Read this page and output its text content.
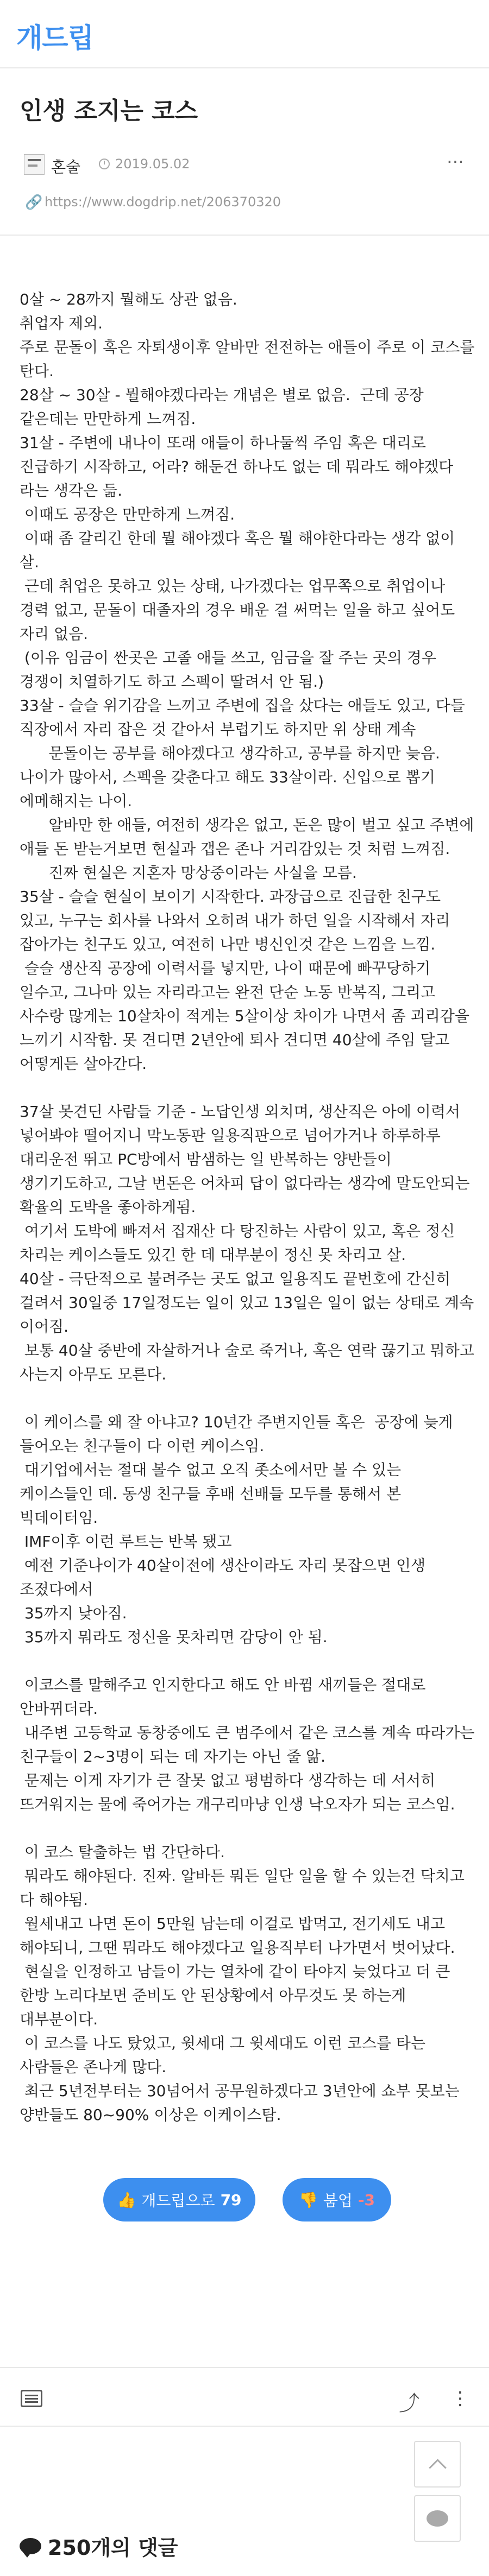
개드립
인생 조지는 코스
혼술	2019.05.02	⋯
🔗 https://www.dogdrip.net/206370320

0살 ~ 28까지 뭘해도 상관 없음.
취업자 제외.
주로 문돌이 혹은 자퇴생이후 알바만 전전하는 애들이 주로 이 코스를 탄다.

28살 ~ 30살 - 뭘해야겠다라는 개념은 별로 없음.  근데 공장 같은데는 만만하게 느껴짐.

31살 - 주변에 내나이 또래 애들이 하나둘씩 주임 혹은 대리로 진급하기 시작하고, 어라? 해둔건 하나도 없는 데 뭐라도 해야겠다 라는 생각은 듦.

이때도 공장은 만만하게 느껴짐.

이때 좀 갈리긴 한데 뭘 해야겠다 혹은 뭘 해야한다라는 생각 없이 살.

근데 취업은 못하고 있는 상태, 나가겠다는 업무쪽으로 취업이나 경력 없고, 문돌이 대졸자의 경우 배운 걸 써먹는 일을 하고 싶어도 자리 없음.

(이유 임금이 싼곳은 고졸 애들 쓰고, 임금을 잘 주는 곳의 경우 경쟁이 치열하기도 하고 스펙이 딸려서 안 됨.)

33살 - 슬슬 위기감을 느끼고 주변에 집을 샀다는 애들도 있고, 다들 직장에서 자리 잡은 것 같아서 부럽기도 하지만 위 상태 계속

문돌이는 공부를 해야겠다고 생각하고, 공부를 하지만 늦음. 나이가 많아서, 스펙을 갖춘다고 해도 33살이라. 신입으로 뽑기 에메해지는 나이.

알바만 한 애들, 여전히 생각은 없고, 돈은 많이 벌고 싶고 주변에 애들 돈 받는거보면 현실과 갭은 존나 거리감있는 것 처럼 느껴짐.

진짜 현실은 지혼자 망상중이라는 사실을 모름.

35살 - 슬슬 현실이 보이기 시작한다. 과장급으로 진급한 친구도 있고, 누구는 회사를 나와서 오히려 내가 하던 일을 시작해서 자리 잡아가는 친구도 있고, 여전히 나만 병신인것 같은 느낌을 느낌.

슬슬 생산직 공장에 이력서를 넣지만, 나이 때문에 빠꾸당하기 일수고, 그나마 있는 자리라고는 완전 단순 노동 반복직, 그리고 사수랑 많게는 10살차이 적게는 5살이상 차이가 나면서 좀 괴리감을 느끼기 시작함. 못 견디면 2년안에 퇴사 견디면 40살에 주임 달고 어떻게든 살아간다.

37살 못견딘 사람들 기준 - 노답인생 외치며, 생산직은 아에 이력서 넣어봐야 떨어지니 막노동판 일용직판으로 넘어가거나 하루하루 대리운전 뛰고 PC방에서 밤샘하는 일 반복하는 양반들이 생기기도하고, 그날 번돈은 어차피 답이 없다라는 생각에 말도안되는 확율의 도박을 좋아하게됨.

여기서 도박에 빠져서 집재산 다 탕진하는 사람이 있고, 혹은 정신 차리는 케이스들도 있긴 한 데 대부분이 정신 못 차리고 살.

40살 - 극단적으로 불려주는 곳도 없고 일용직도 끝번호에 간신히 걸려서 30일중 17일정도는 일이 있고 13일은 일이 없는 상태로 계속 이어짐.

보통 40살 중반에 자살하거나 술로 죽거나, 혹은 연락 끊기고 뭐하고 사는지 아무도 모른다.

이 케이스를 왜 잘 아냐고? 10년간 주변지인들 혹은  공장에 늦게 들어오는 친구들이 다 이런 케이스임.

대기업에서는 절대 볼수 없고 오직 좃소에서만 볼 수 있는 케이스들인 데. 동생 친구들 후배 선배들 모두를 통해서 본 빅데이터임.

IMF이후 이런 루트는 반복 됐고

예전 기준나이가 40살이전에 생산이라도 자리 못잡으면 인생 조졌다에서

35까지 낮아짐.

35까지 뭐라도 정신을 못차리면 감당이 안 됨.

이코스를 말해주고 인지한다고 해도 안 바뀜 새끼들은 절대로 안바뀌더라.

내주변 고등학교 동창중에도 큰 범주에서 같은 코스를 계속 따라가는 친구들이 2~3명이 되는 데 자기는 아닌 줄 앎.

문제는 이게 자기가 큰 잘못 없고 평범하다 생각하는 데 서서히 뜨거워지는 물에 죽어가는 개구리마냥 인생 낙오자가 되는 코스임.

이 코스 탈출하는 법 간단하다.

뭐라도 해야된다. 진짜. 알바든 뭐든 일단 일을 할 수 있는건 닥치고 다 해야됨.

월세내고 나면 돈이 5만원 남는데 이걸로 밥먹고, 전기세도 내고 해야되니, 그땐 뭐라도 해야겠다고 일용직부터 나가면서 벗어났다.

현실을 인정하고 남들이 가는 열차에 같이 타야지 늦었다고 더 큰 한방 노리다보면 준비도 안 된상황에서 아무것도 못 하는게 대부분이다.

이 코스를 나도 탔었고, 윗세대 그 윗세대도 이런 코스를 타는 사람들은 존나게 많다.

최근 5년전부터는 30넘어서 공무원하겠다고 3년안에 쇼부 못보는 양반들도 80~90% 이상은 이케이스탐.

👍 개드립으로 79	👎 붐업 -3
⤴ ⋮
250개의 댓글
